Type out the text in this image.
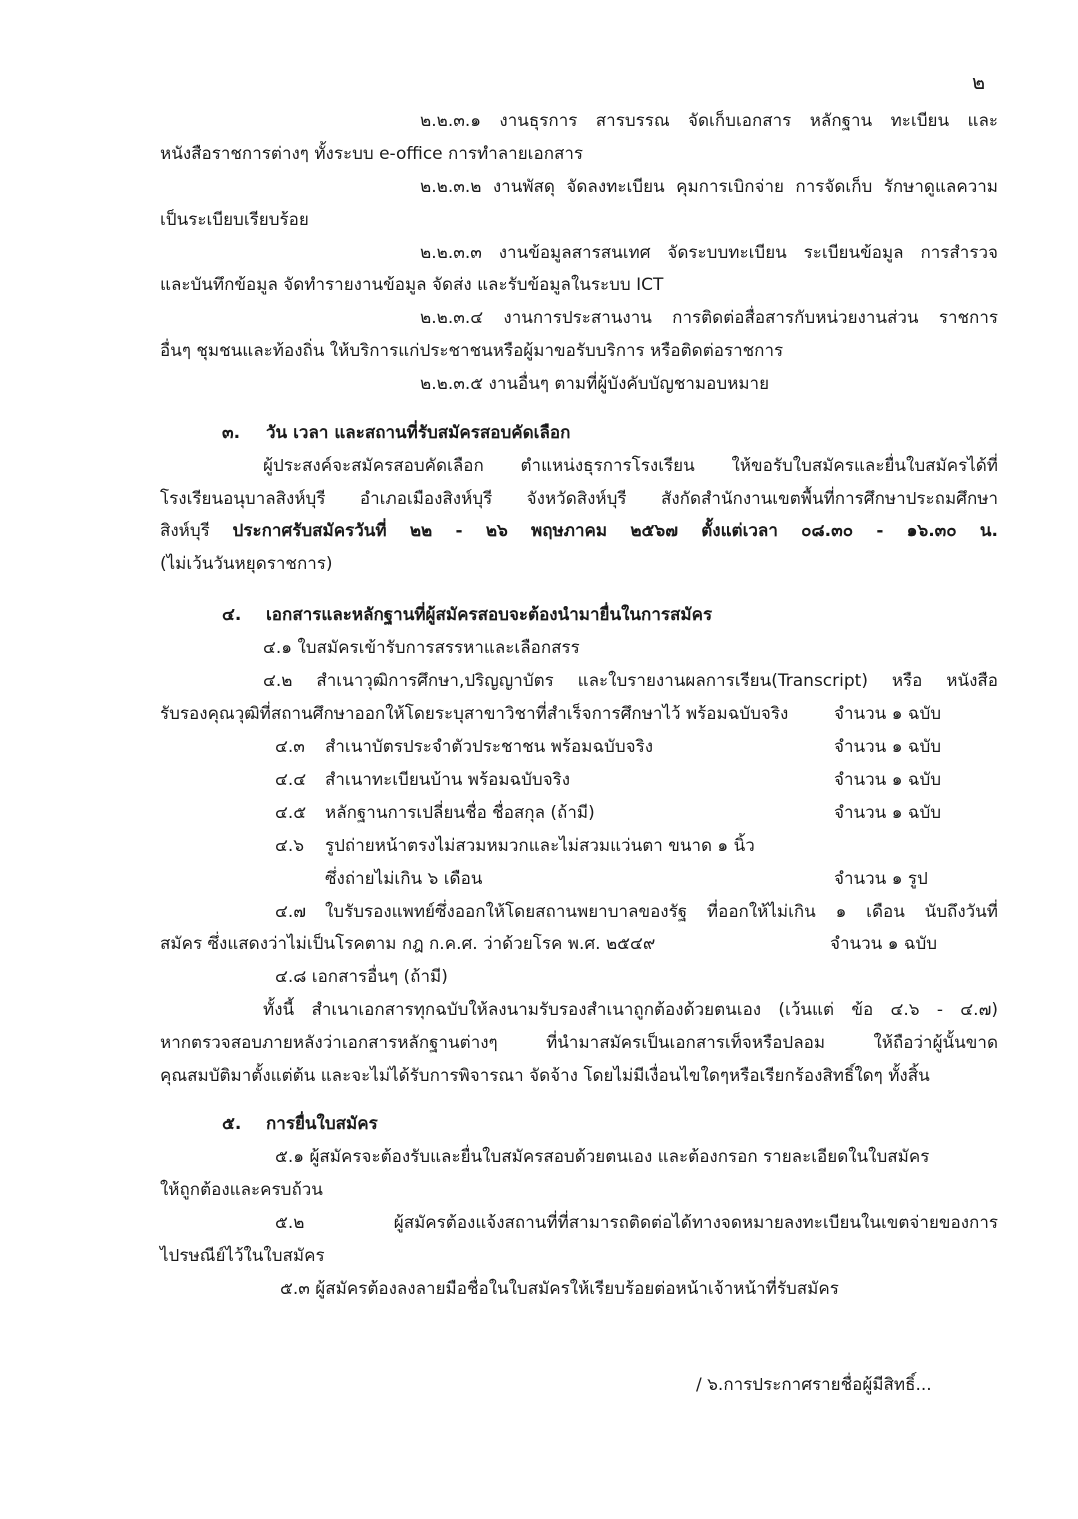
๒
๒.๒.๓.๑ งานธุรการ สารบรรณ จัดเก็บเอกสาร หลักฐาน ทะเบียน และ
หนังสือราชการต่างๆ ทั้งระบบ e-office การทำลายเอกสาร
๒.๒.๓.๒ งานพัสดุ จัดลงทะเบียน คุมการเบิกจ่าย การจัดเก็บ รักษาดูแลความ
เป็นระเบียบเรียบร้อย
๒.๒.๓.๓ งานข้อมูลสารสนเทศ จัดระบบทะเบียน ระเบียนข้อมูล การสำรวจ
และบันทึกข้อมูล จัดทำรายงานข้อมูล จัดส่ง และรับข้อมูลในระบบ ICT
๒.๒.๓.๔ งานการประสานงาน การติดต่อสื่อสารกับหน่วยงานส่วน ราชการ
อื่นๆ ชุมชนและท้องถิ่น ให้บริการแก่ประชาชนหรือผู้มาขอรับบริการ หรือติดต่อราชการ
๒.๒.๓.๕ งานอื่นๆ ตามที่ผู้บังคับบัญชามอบหมาย
๓. วัน เวลา และสถานที่รับสมัครสอบคัดเลือก
ผู้ประสงค์จะสมัครสอบคัดเลือก ตำแหน่งธุรการโรงเรียน ให้ขอรับใบสมัครและยื่นใบสมัครได้ที่
โรงเรียนอนุบาลสิงห์บุรี อำเภอเมืองสิงห์บุรี จังหวัดสิงห์บุรี สังกัดสำนักงานเขตพื้นที่การศึกษาประถมศึกษา
สิงห์บุรี ประกาศรับสมัครวันที่ ๒๒ - ๒๖ พฤษภาคม ๒๕๖๗ ตั้งแต่เวลา ๐๘.๓๐ - ๑๖.๓๐ น.
(ไม่เว้นวันหยุดราชการ)
๔. เอกสารและหลักฐานที่ผู้สมัครสอบจะต้องนำมายื่นในการสมัคร
๔.๑ ใบสมัครเข้ารับการสรรหาและเลือกสรร
๔.๒ สำเนาวุฒิการศึกษา,ปริญญาบัตร และใบรายงานผลการเรียน(Transcript) หรือ หนังสือ
รับรองคุณวุฒิที่สถานศึกษาออกให้โดยระบุสาขาวิชาที่สำเร็จการศึกษาไว้ พร้อมฉบับจริง	จำนวน ๑ ฉบับ
๔.๓ สำเนาบัตรประจำตัวประชาชน พร้อมฉบับจริง	จำนวน ๑ ฉบับ
๔.๔ สำเนาทะเบียนบ้าน พร้อมฉบับจริง	จำนวน ๑ ฉบับ
๔.๕ หลักฐานการเปลี่ยนชื่อ ชื่อสกุล (ถ้ามี)	จำนวน ๑ ฉบับ
๔.๖ รูปถ่ายหน้าตรงไม่สวมหมวกและไม่สวมแว่นตา ขนาด ๑ นิ้ว
ซึ่งถ่ายไม่เกิน ๖ เดือน	จำนวน ๑ รูป
๔.๗ ใบรับรองแพทย์ซึ่งออกให้โดยสถานพยาบาลของรัฐ ที่ออกให้ไม่เกิน ๑ เดือน นับถึงวันที่
สมัคร ซึ่งแสดงว่าไม่เป็นโรคตาม กฎ ก.ค.ศ. ว่าด้วยโรค พ.ศ. ๒๕๔๙	จำนวน ๑ ฉบับ
๔.๘ เอกสารอื่นๆ (ถ้ามี)
ทั้งนี้ สำเนาเอกสารทุกฉบับให้ลงนามรับรองสำเนาถูกต้องด้วยตนเอง (เว้นแต่ ข้อ ๔.๖ - ๔.๗)
หากตรวจสอบภายหลังว่าเอกสารหลักฐานต่างๆ ที่นำมาสมัครเป็นเอกสารเท็จหรือปลอม ให้ถือว่าผู้นั้นขาด
คุณสมบัติมาตั้งแต่ต้น และจะไม่ได้รับการพิจารณา จัดจ้าง โดยไม่มีเงื่อนไขใดๆหรือเรียกร้องสิทธิ์ใดๆ ทั้งสิ้น
๕. การยื่นใบสมัคร
๕.๑ ผู้สมัครจะต้องรับและยื่นใบสมัครสอบด้วยตนเอง และต้องกรอก รายละเอียดในใบสมัคร
ให้ถูกต้องและครบถ้วน
๕.๒ ผู้สมัครต้องแจ้งสถานที่ที่สามารถติดต่อได้ทางจดหมายลงทะเบียนในเขตจ่ายของการ
ไปรษณีย์ไว้ในใบสมัคร
๕.๓ ผู้สมัครต้องลงลายมือชื่อในใบสมัครให้เรียบร้อยต่อหน้าเจ้าหน้าที่รับสมัคร
/ ๖.การประกาศรายชื่อผู้มีสิทธิ์...
